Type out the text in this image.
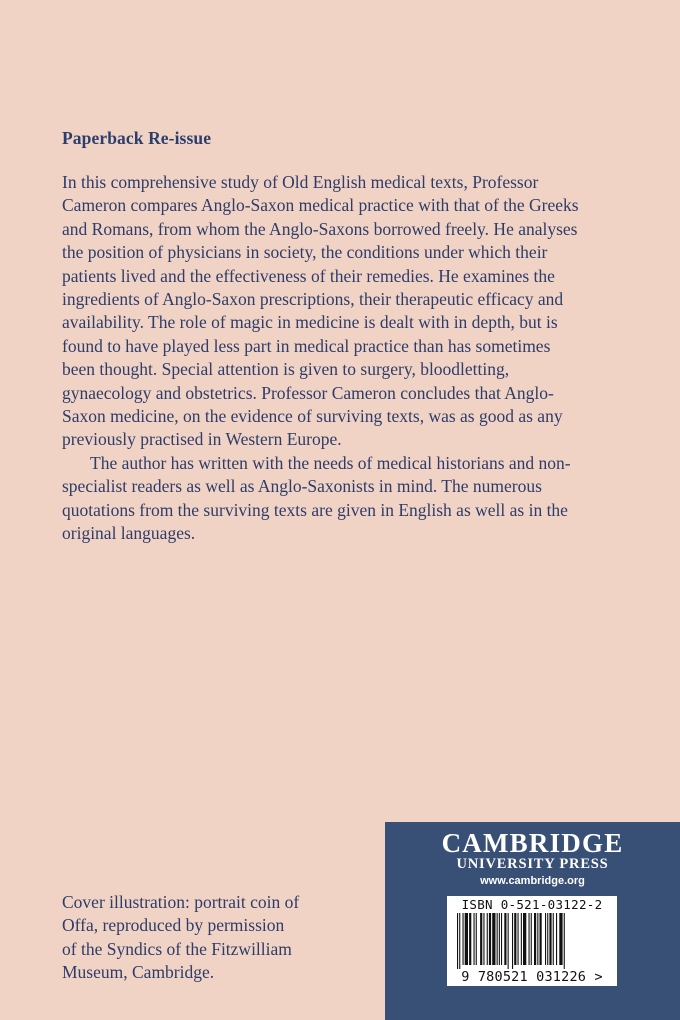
Paperback Re-issue
In this comprehensive study of Old English medical texts, Professor
Cameron compares Anglo-Saxon medical practice with that of the Greeks
and Romans, from whom the Anglo-Saxons borrowed freely. He analyses
the position of physicians in society, the conditions under which their
patients lived and the effectiveness of their remedies. He examines the
ingredients of Anglo-Saxon prescriptions, their therapeutic efficacy and
availability. The role of magic in medicine is dealt with in depth, but is
found to have played less part in medical practice than has sometimes
been thought. Special attention is given to surgery, bloodletting,
gynaecology and obstetrics. Professor Cameron concludes that Anglo-
Saxon medicine, on the evidence of surviving texts, was as good as any
previously practised in Western Europe.
The author has written with the needs of medical historians and non-
specialist readers as well as Anglo-Saxonists in mind. The numerous
quotations from the surviving texts are given in English as well as in the
original languages.
Cover illustration: portrait coin of
Offa, reproduced by permission
of the Syndics of the Fitzwilliam
Museum, Cambridge.
CAMBRIDGE
UNIVERSITY PRESS
www.cambridge.org
ISBN 0-521-03122-2
9 780521 031226 >
